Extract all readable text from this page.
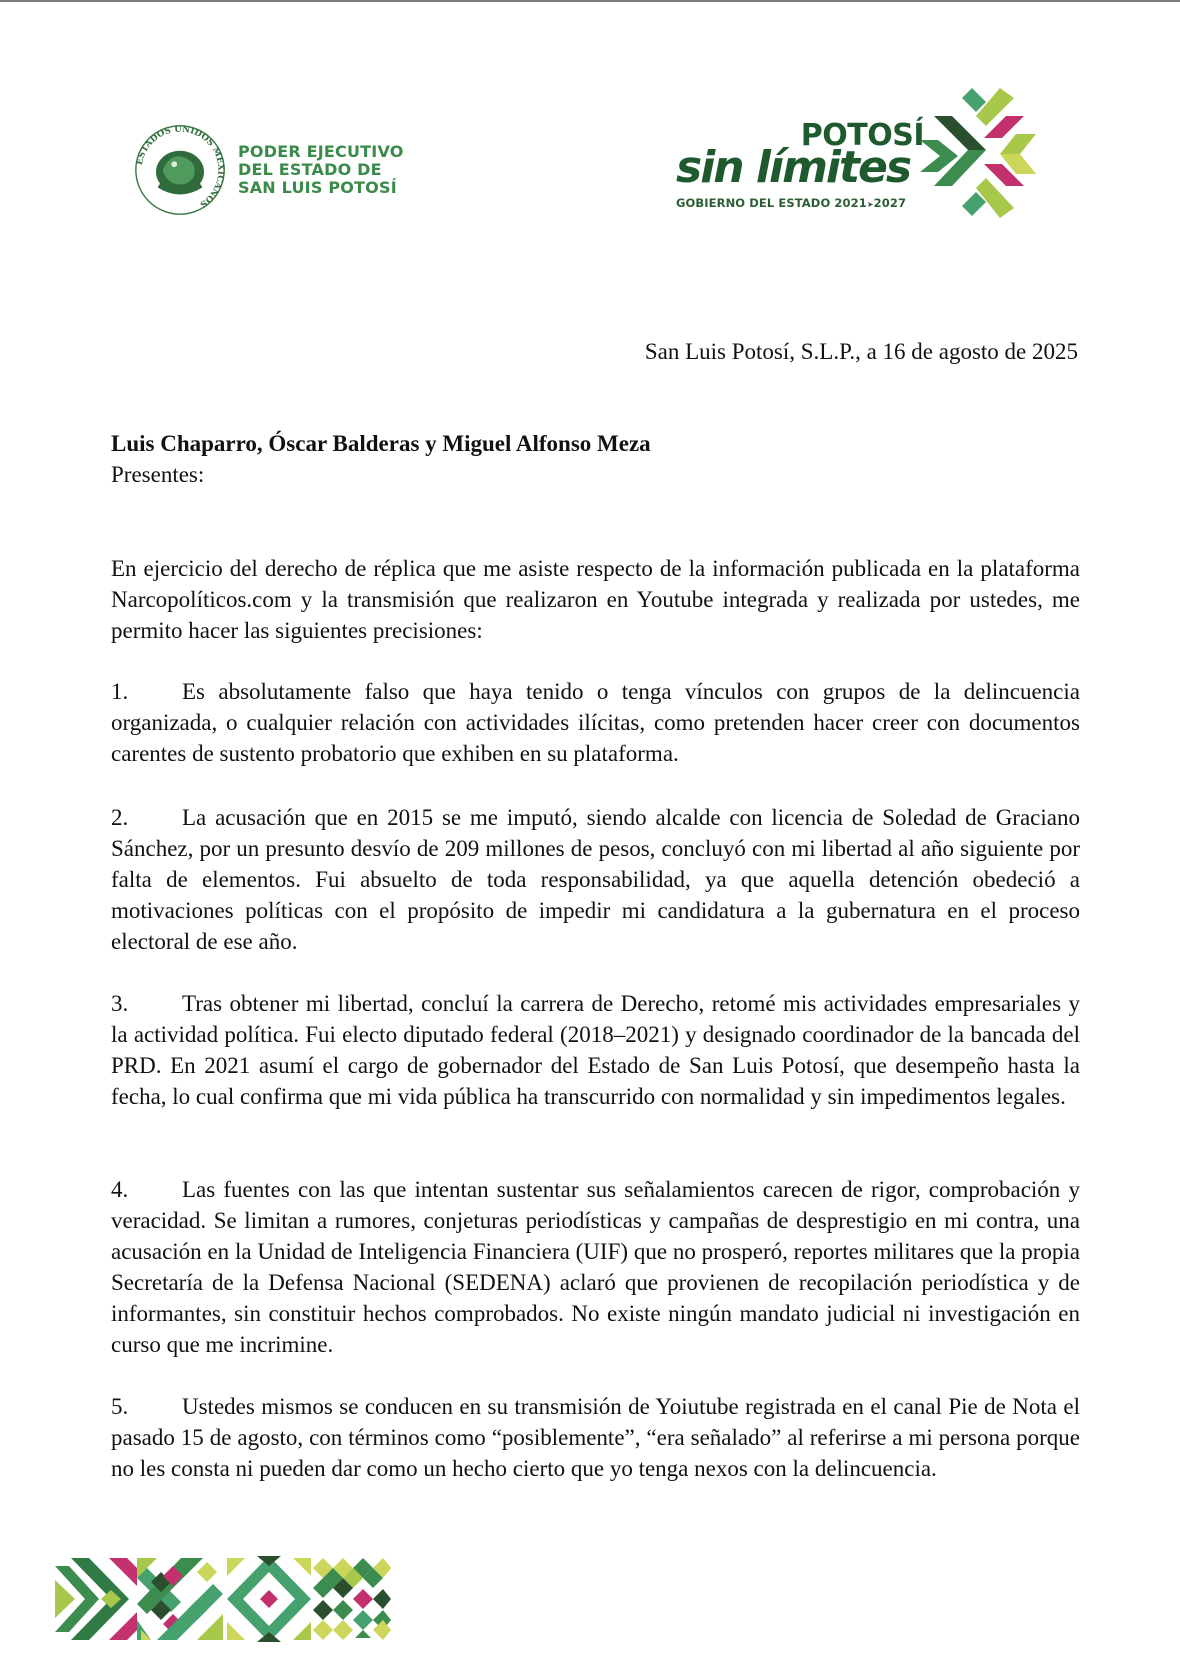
ESTADOS UNIDOS MEXICANOS
PODER EJECUTIVO
DEL ESTADO DE
SAN LUIS POTOSÍ
POTOSÍ
sin límites
GOBIERNO DEL ESTADO 2021➤2027
San Luis Potosí, S.L.P., a 16 de agosto de 2025
Luis Chaparro, Óscar Balderas y Miguel Alfonso Meza
Presentes:
En ejercicio del derecho de réplica que me asiste respecto de la información publicada en la plataforma Narcopolíticos.com y la transmisión que realizaron en Youtube integrada y realizada por ustedes, me permito hacer las siguientes precisiones:
1. Es absolutamente falso que haya tenido o tenga vínculos con grupos de la delincuencia organizada, o cualquier relación con actividades ilícitas, como pretenden hacer creer con documentos carentes de sustento probatorio que exhiben en su plataforma.
2. La acusación que en 2015 se me imputó, siendo alcalde con licencia de Soledad de Graciano Sánchez, por un presunto desvío de 209 millones de pesos, concluyó con mi libertad al año siguiente por falta de elementos. Fui absuelto de toda responsabilidad, ya que aquella detención obedeció a motivaciones políticas con el propósito de impedir mi candidatura a la gubernatura en el proceso electoral de ese año.
3. Tras obtener mi libertad, concluí la carrera de Derecho, retomé mis actividades empresariales y la actividad política. Fui electo diputado federal (2018–2021) y designado coordinador de la bancada del PRD. En 2021 asumí el cargo de gobernador del Estado de San Luis Potosí, que desempeño hasta la fecha, lo cual confirma que mi vida pública ha transcurrido con normalidad y sin impedimentos legales.
4. Las fuentes con las que intentan sustentar sus señalamientos carecen de rigor, comprobación y veracidad. Se limitan a rumores, conjeturas periodísticas y campañas de desprestigio en mi contra, una acusación en la Unidad de Inteligencia Financiera (UIF) que no prosperó, reportes militares que la propia Secretaría de la Defensa Nacional (SEDENA) aclaró que provienen de recopilación periodística y de informantes, sin constituir hechos comprobados. No existe ningún mandato judicial ni investigación en curso que me incrimine.
5. Ustedes mismos se conducen en su transmisión de Yoiutube registrada en el canal Pie de Nota el pasado 15 de agosto, con términos como “posiblemente”, “era señalado” al referirse a mi persona porque no les consta ni pueden dar como un hecho cierto que yo tenga nexos con la delincuencia.
